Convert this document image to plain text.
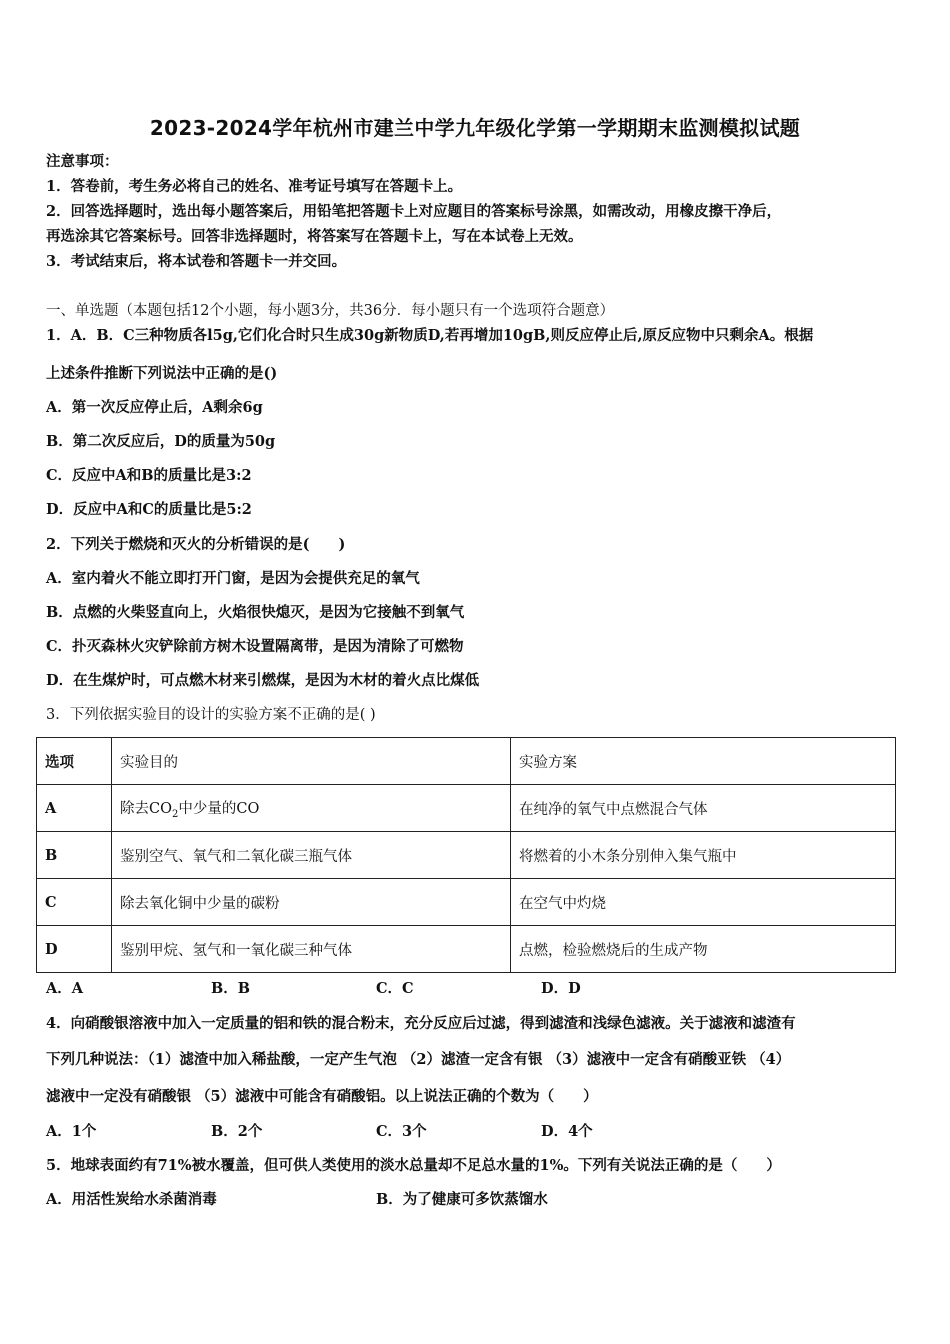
2023-2024学年杭州市建兰中学九年级化学第一学期期末监测模拟试题
注意事项：
1．答卷前，考生务必将自己的姓名、准考证号填写在答题卡上。
2．回答选择题时，选出每小题答案后，用铅笔把答题卡上对应题目的答案标号涂黑，如需改动，用橡皮擦干净后，
再选涂其它答案标号。回答非选择题时，将答案写在答题卡上，写在本试卷上无效。
3．考试结束后，将本试卷和答题卡一并交回。
一、单选题（本题包括12个小题，每小题3分，共36分．每小题只有一个选项符合题意）
1．A．B．C三种物质各l5g,它们化合时只生成30g新物质D,若再增加10gB,则反应停止后,原反应物中只剩余A。根据
上述条件推断下列说法中正确的是()
A．第一次反应停止后，A剩余6g
B．第二次反应后，D的质量为50g
C．反应中A和B的质量比是3:2
D．反应中A和C的质量比是5:2
2．下列关于燃烧和灭火的分析错误的是(　　)
A．室内着火不能立即打开门窗，是因为会提供充足的氧气
B．点燃的火柴竖直向上，火焰很快熄灭，是因为它接触不到氧气
C．扑灭森林火灾铲除前方树木设置隔离带，是因为清除了可燃物
D．在生煤炉时，可点燃木材来引燃煤，是因为木材的着火点比煤低
3．下列依据实验目的设计的实验方案不正确的是( )
选项	实验目的	实验方案
A	除去$CO_2$中少量的CO	在纯净的氧气中点燃混合气体
B	鉴别空气、氧气和二氧化碳三瓶气体	将燃着的小木条分别伸入集气瓶中
C	除去氧化铜中少量的碳粉	在空气中灼烧
D	鉴别甲烷、氢气和一氧化碳三种气体	点燃，检验燃烧后的生成产物
A．A	B．B	C．C	D．D
4．向硝酸银溶液中加入一定质量的铝和铁的混合粉末，充分反应后过滤，得到滤渣和浅绿色滤液。关于滤液和滤渣有
下列几种说法：（1）滤渣中加入稀盐酸，一定产生气泡 （2）滤渣一定含有银 （3）滤液中一定含有硝酸亚铁 （4）
滤液中一定没有硝酸银 （5）滤液中可能含有硝酸铝。以上说法正确的个数为（　　）
A．1个	B．2个	C．3个	D．4个
5．地球表面约有71%被水覆盖，但可供人类使用的淡水总量却不足总水量的1%。下列有关说法正确的是（　　）
A．用活性炭给水杀菌消毒	B．为了健康可多饮蒸馏水
